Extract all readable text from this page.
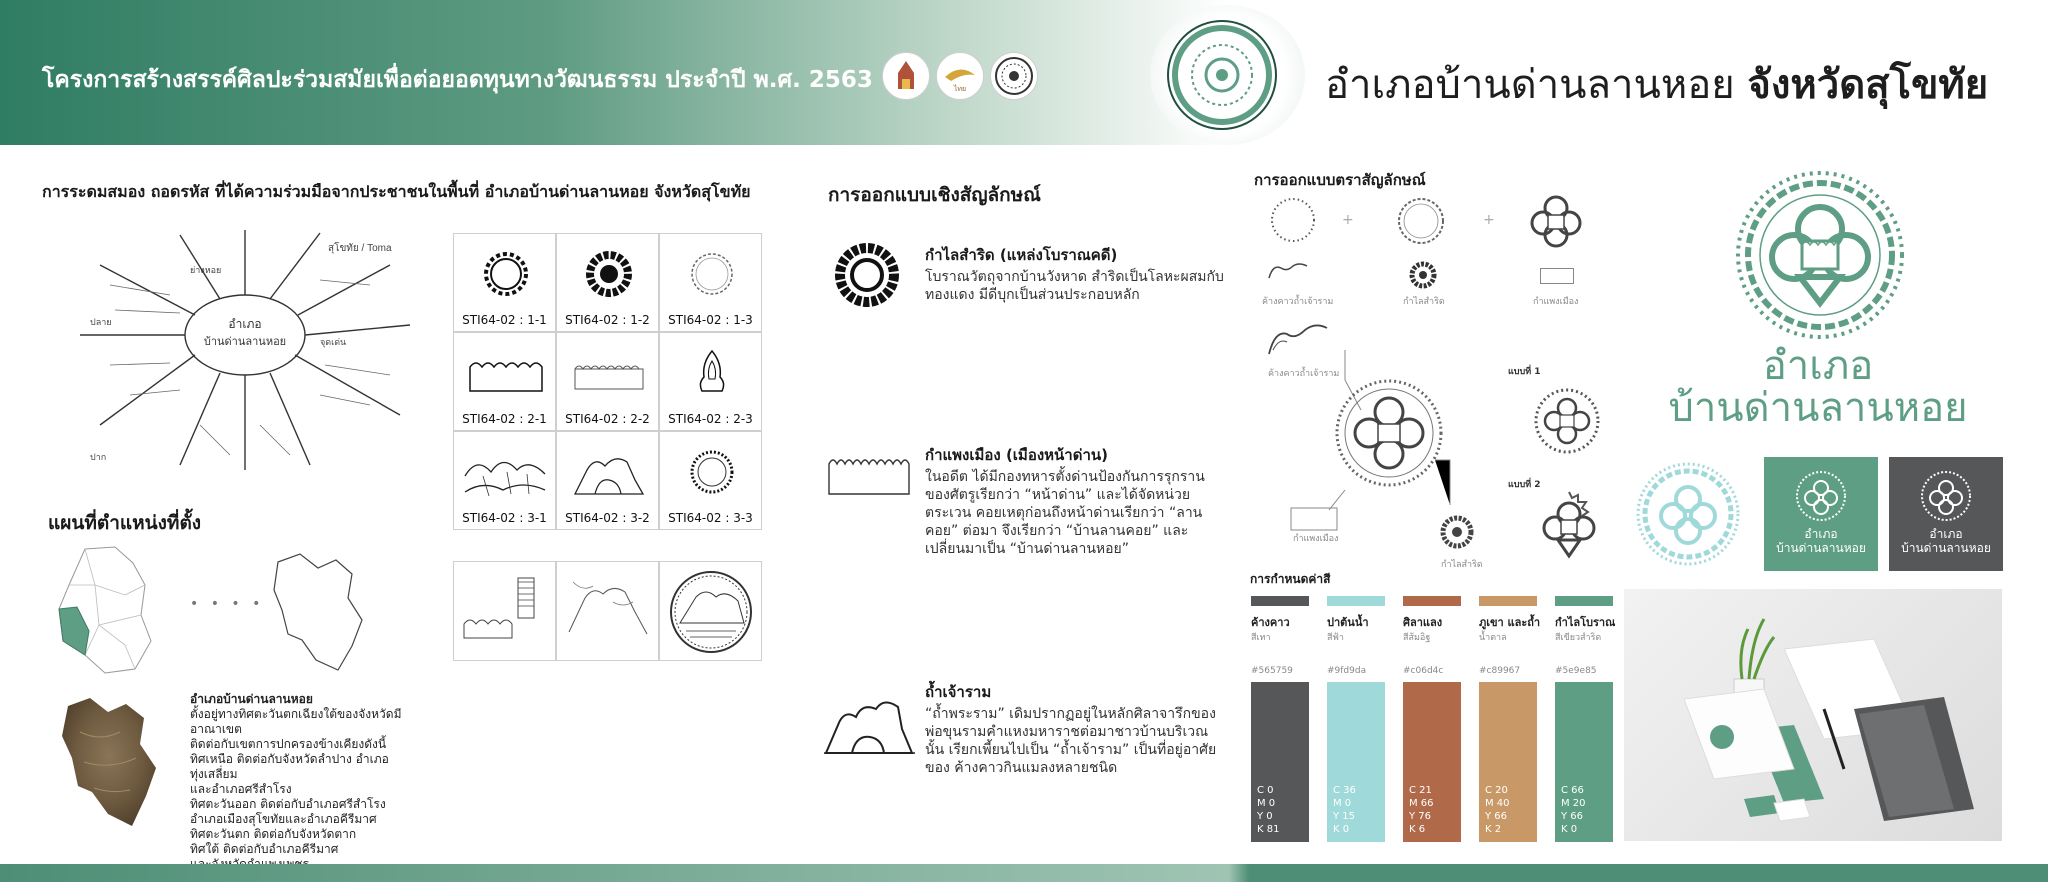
โครงการสร้างสรรค์ศิลปะร่วมสมัยเพื่อต่อยอดทุนทางวัฒนธรรม ประจำปี พ.ศ. 2563	ไทย	อำเภอบ้านด่านลานหอย จังหวัดสุโขทัย
การระดมสมอง ถอดรหัส ที่ได้ความร่วมมือจากประชาชนในพื้นที่ อำเภอบ้านด่านลานหอย จังหวัดสุโขทัย
อำเภอ
บ้านด่านลานหอย
สุโขทัย / Toma
ย่างหอย
ปลาย
จุดเด่น
ปาก
STI64-02 : 1-1	STI64-02 : 1-2	STI64-02 : 1-3
STI64-02 : 2-1	STI64-02 : 2-2	STI64-02 : 2-3
STI64-02 : 3-1	STI64-02 : 3-2	STI64-02 : 3-3
แผนที่ตำแหน่งที่ตั้ง
• • • •
อำเภอบ้านด่านลานหอย
ตั้งอยู่ทางทิศตะวันตกเฉียงใต้ของจังหวัดมีอาณาเขต
ติดต่อกับเขตการปกครองข้างเคียงดังนี้
ทิศเหนือ ติดต่อกับจังหวัดลำปาง อำเภอทุ่งเสลี่ยม
และอำเภอศรีสำโรง
ทิศตะวันออก ติดต่อกับอำเภอศรีสำโรง
อำเภอเมืองสุโขทัยและอำเภอคีรีมาศ
ทิศตะวันตก ติดต่อกับจังหวัดตาก
ทิศใต้ ติดต่อกับอำเภอคีรีมาศ
การออกแบบเชิงสัญลักษณ์
กำไลสำริด (แหล่งโบราณคดี)
โบราณวัตถุจากบ้านวังหาด สำริดเป็นโลหะผสมกับ ทองแดง มีดีบุกเป็นส่วนประกอบหลัก
กำแพงเมือง (เมืองหน้าด่าน)
ในอดีต ได้มีกองทหารตั้งด่านป้องกันการรุกราน ของศัตรูเรียกว่า “หน้าด่าน” และได้จัดหน่วยตระเวน คอยเหตุก่อนถึงหน้าด่านเรียกว่า “ลานคอย” ต่อมา จึงเรียกว่า “บ้านลานคอย” และเปลี่ยนมาเป็น “บ้านด่านลานหอย”
ถ้ำเจ้าราม
“ถ้ำพระราม” เดิมปรากฏอยู่ในหลักศิลาจารึกของ พ่อขุนรามคำแหงมหาราชต่อมาชาวบ้านบริเวณนั้น เรียกเพี้ยนไปเป็น “ถ้ำเจ้าราม” เป็นที่อยู่อาศัยของ ค้างคาวกินแมลงหลายชนิด
การออกแบบตราสัญลักษณ์
+	+
ค้างคาวถ้ำเจ้าราม	กำไลสำริด	กำแพงเมือง
ค้างคาวถ้ำเจ้าราม
กำแพงเมือง
กำไลสำริด
แบบที่ 1
แบบที่ 2
อำเภอ
บ้านด่านลานหอย
อำเภอ
บ้านด่านลานหอย
อำเภอ
บ้านด่านลานหอย
การกำหนดค่าสี
ค้างคาว
สีเทา
#565759
C 0
M 0
Y 0
K 81
ปาต้นน้ำ
สีฟ้า
#9fd9da
C 36
M 0
Y 15
K 0
ศิลาแลง
สีส้มอิฐ
#c06d4c
C 21
M 66
Y 76
K 6
ภูเขา และถ้ำ
น้ำตาล
#c89967
C 20
M 40
Y 66
K 2
กำไลโบราณ
สีเขียวสำริด
#5e9e85
C 66
M 20
Y 66
K 0
